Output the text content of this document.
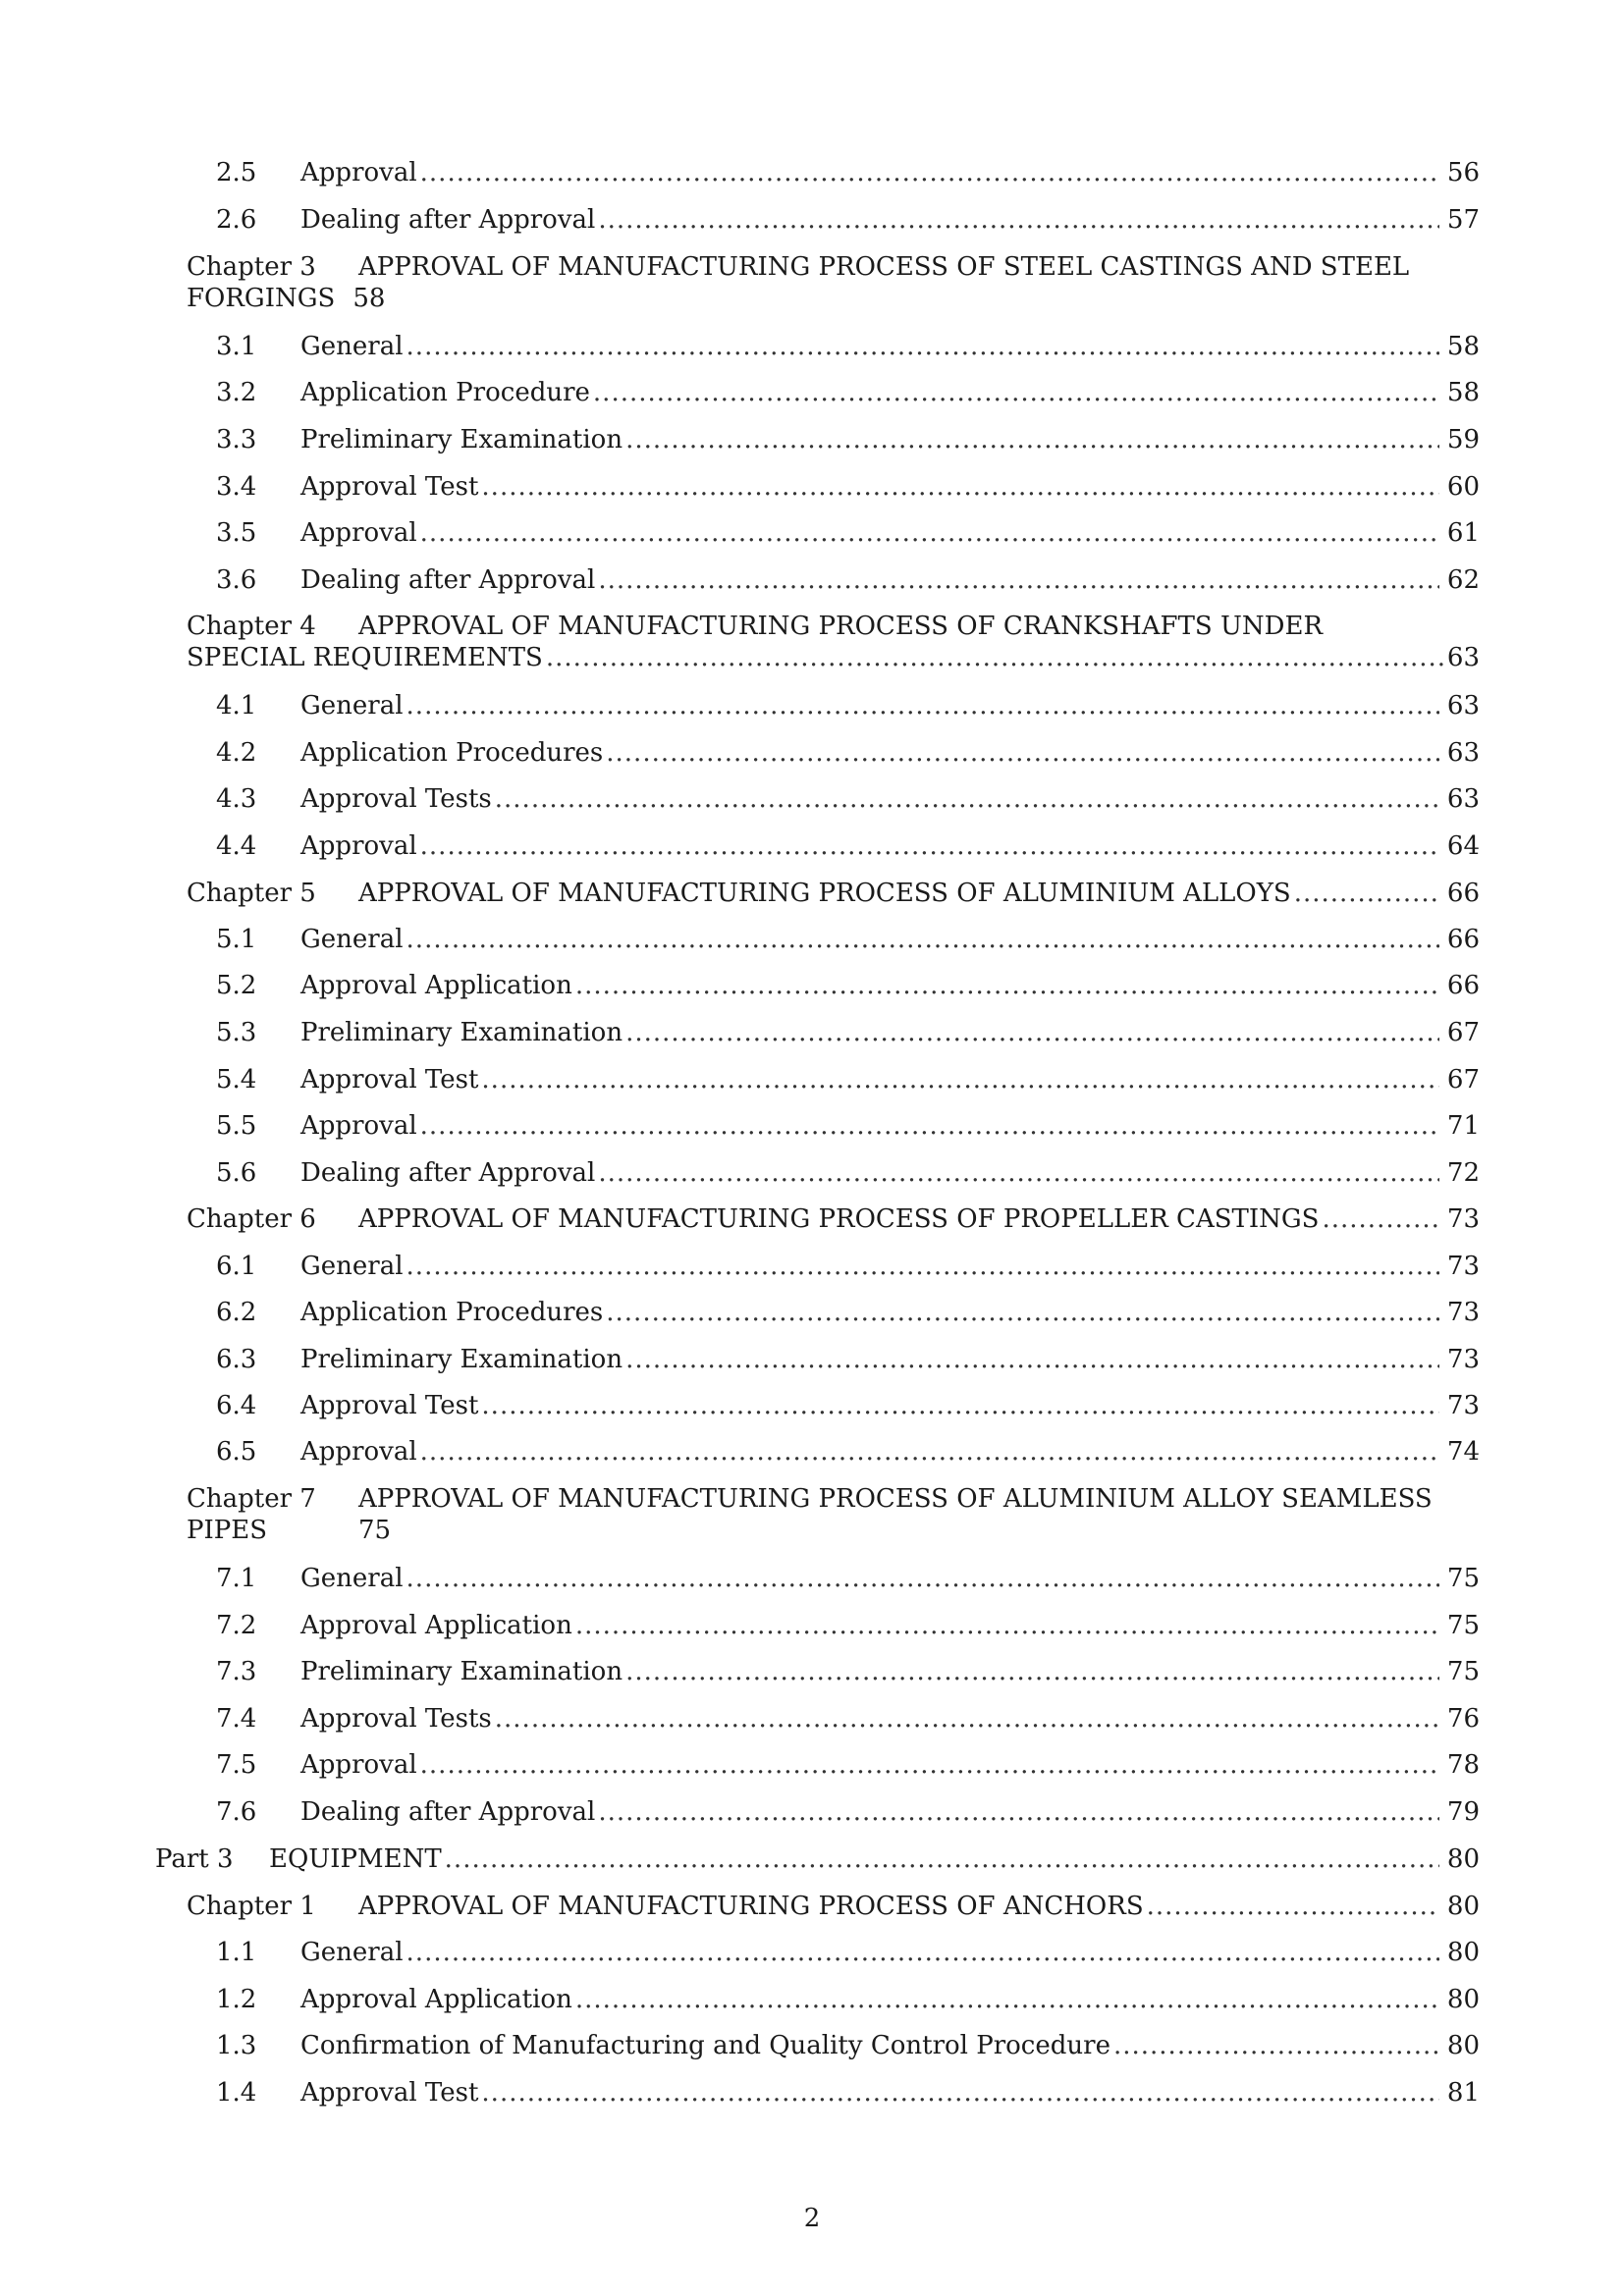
2.5	Approval .....	56
2.6	Dealing after Approval .....	57
Chapter 3	APPROVAL OF MANUFACTURING PROCESS OF STEEL CASTINGS AND STEEL
FORGINGS 58
3.1	General .....	58
3.2	Application Procedure .....	58
3.3	Preliminary Examination .....	59
3.4	Approval Test .....	60
3.5	Approval .....	61
3.6	Dealing after Approval .....	62
Chapter 4	APPROVAL OF MANUFACTURING PROCESS OF CRANKSHAFTS UNDER
SPECIAL REQUIREMENTS .....	63
4.1	General .....	63
4.2	Application Procedures .....	63
4.3	Approval Tests .....	63
4.4	Approval .....	64
Chapter 5	APPROVAL OF MANUFACTURING PROCESS OF ALUMINIUM ALLOYS .....	66
5.1	General .....	66
5.2	Approval Application .....	66
5.3	Preliminary Examination .....	67
5.4	Approval Test .....	67
5.5	Approval .....	71
5.6	Dealing after Approval .....	72
Chapter 6	APPROVAL OF MANUFACTURING PROCESS OF PROPELLER CASTINGS .....	73
6.1	General .....	73
6.2	Application Procedures .....	73
6.3	Preliminary Examination .....	73
6.4	Approval Test .....	73
6.5	Approval .....	74
Chapter 7	APPROVAL OF MANUFACTURING PROCESS OF ALUMINIUM ALLOY SEAMLESS
PIPES	75
7.1	General .....	75
7.2	Approval Application .....	75
7.3	Preliminary Examination .....	75
7.4	Approval Tests .....	76
7.5	Approval .....	78
7.6	Dealing after Approval .....	79
Part 3	EQUIPMENT .....	80
Chapter 1	APPROVAL OF MANUFACTURING PROCESS OF ANCHORS .....	80
1.1	General .....	80
1.2	Approval Application .....	80
1.3	Confirmation of Manufacturing and Quality Control Procedure .....	80
1.4	Approval Test .....	81
2
